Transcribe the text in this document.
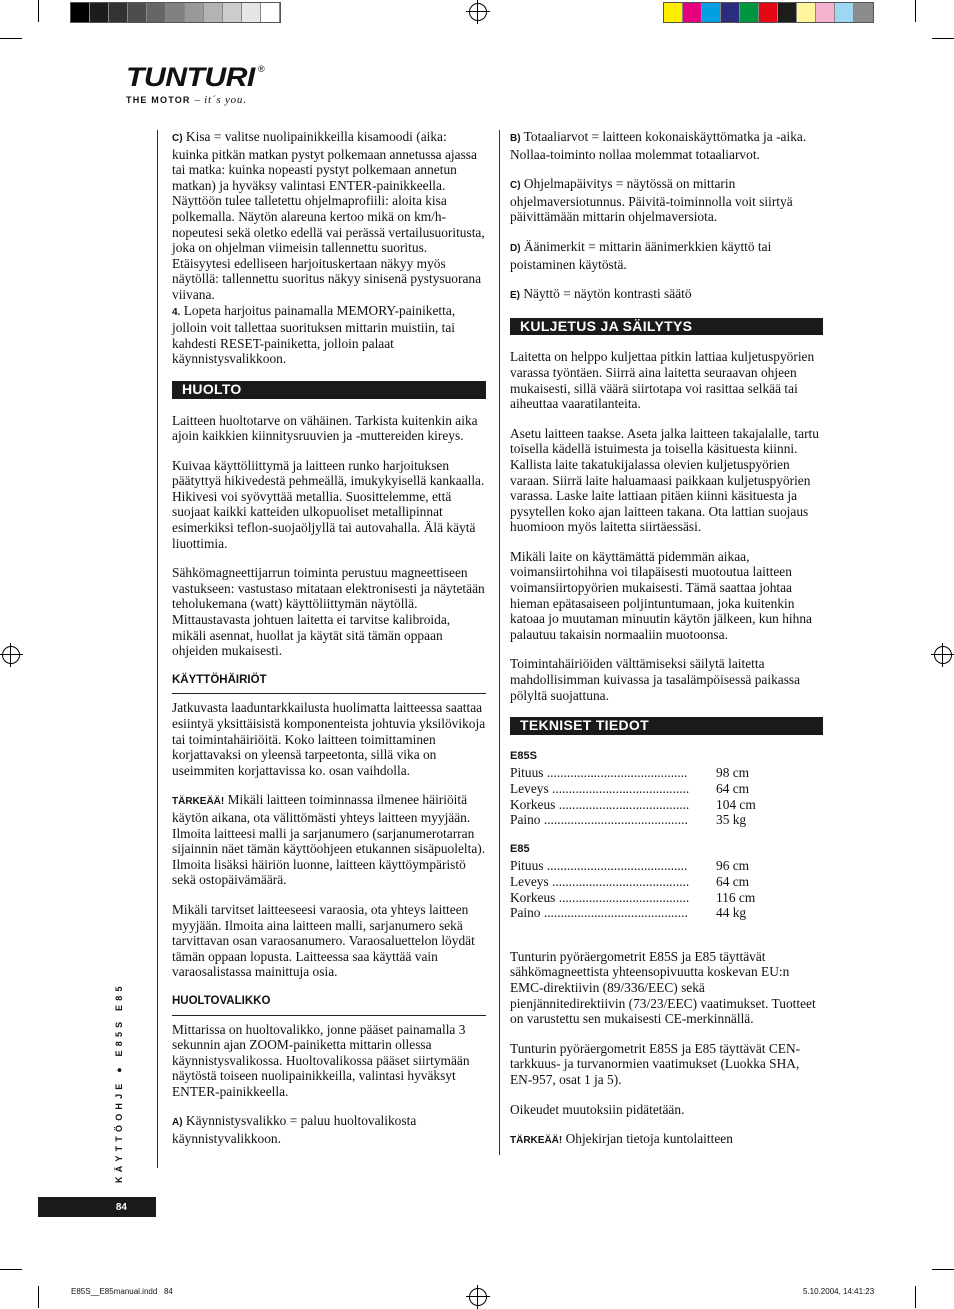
TUNTURI ®
THE MOTOR – it´s you.

C) Kisa = valitse nuolipainikkeilla kisamoodi (aika: kuinka pitkän matkan pystyt polkemaan annetussa ajassa tai matka: kuinka nopeasti pystyt polkemaan annetun matkan) ja hyväksy valintasi ENTER-painikkeella. Näyttöön tulee talletettu ohjelmaprofiili: aloita kisa polkemalla. Näytön alareuna kertoo mikä on km/h-nopeutesi sekä oletko edellä vai perässä vertailusuoritusta, joka on ohjelman viimeisin tallennettu suoritus. Etäisyytesi edelliseen harjoituskertaan näkyy myös näytöllä: tallennettu suoritus näkyy sinisenä pystysuorana viivana.

4. Lopeta harjoitus painamalla MEMORY-painiketta, jolloin voit tallettaa suorituksen mittarin muistiin, tai kahdesti RESET-painiketta, jolloin palaat käynnistysvalikkoon.

HUOLTO

Laitteen huoltotarve on vähäinen. Tarkista kuitenkin aika ajoin kaikkien kiinnitysruuvien ja -muttereiden kireys.

Kuivaa käyttöliittymä ja laitteen runko harjoituksen päätyttyä hikivedestä pehmeällä, imukykyisellä kankaalla. Hikivesi voi syövyttää metallia. Suosittelemme, että suojaat kaikki katteiden ulkopuoliset metallipinnat esimerkiksi teflon-suojaöljyllä tai autovahalla. Älä käytä liuottimia.

Sähkömagneettijarrun toiminta perustuu magneettiseen vastukseen: vastustaso mitataan elektronisesti ja näytetään teholukemana (watt) käyttöliittymän näytöllä. Mittaustavasta johtuen laitetta ei tarvitse kalibroida, mikäli asennat, huollat ja käytät sitä tämän oppaan ohjeiden mukaisesti.

KÄYTTÖHÄIRIÖT

Jatkuvasta laaduntarkkailusta huolimatta laitteessa saattaa esiintyä yksittäisistä komponenteista johtuvia yksilövikoja tai toimintahäiriöitä. Koko laitteen toimittaminen korjattavaksi on yleensä tarpeetonta, sillä vika on useimmiten korjattavissa ko. osan vaihdolla.

TÄRKEÄÄ! Mikäli laitteen toiminnassa ilmenee häiriöitä käytön aikana, ota välittömästi yhteys laitteen myyjään. Ilmoita laitteesi malli ja sarjanumero (sarjanumerotarran sijainnin näet tämän käyttöohjeen etukannen sisäpuolelta). Ilmoita lisäksi häiriön luonne, laitteen käyttöympäristö sekä ostopäivämäärä.

Mikäli tarvitset laitteeseesi varaosia, ota yhteys laitteen myyjään. Ilmoita aina laitteen malli, sarjanumero sekä tarvittavan osan varaosanumero. Varaosaluettelon löydät tämän oppaan lopusta. Laitteessa saa käyttää vain varaosalistassa mainittuja osia.

HUOLTOVALIKKO

Mittarissa on huoltovalikko, jonne pääset painamalla 3 sekunnin ajan ZOOM-painiketta mittarin ollessa käynnistysvalikossa. Huoltovalikossa pääset siirtymään näytöstä toiseen nuolipainikkeilla, valintasi hyväksyt ENTER-painikkeella.

A) Käynnistysvalikko = paluu huoltovalikosta käynnistyvalikkoon.

B) Totaaliarvot = laitteen kokonaiskäyttömatka ja -aika. Nollaa-toiminto nollaa molemmat totaaliarvot.

C) Ohjelmapäivitys = näytössä on mittarin ohjelmaversiotunnus. Päivitä-toiminnolla voit siirtyä päivittämään mittarin ohjelmaversiota.

D) Äänimerkit = mittarin äänimerkkien käyttö tai poistaminen käytöstä.

E) Näyttö = näytön kontrasti säätö

KULJETUS JA SÄILYTYS

Laitetta on helppo kuljettaa pitkin lattiaa kuljetuspyörien varassa työntäen. Siirrä aina laitetta seuraavan ohjeen mukaisesti, sillä väärä siirtotapa voi rasittaa selkää tai aiheuttaa vaaratilanteita.

Asetu laitteen taakse. Aseta jalka laitteen takajalalle, tartu toisella kädellä istuimesta ja toisella käsituesta kiinni. Kallista laite takatukijalassa olevien kuljetuspyörien varaan. Siirrä laite haluamaasi paikkaan kuljetuspyörien varassa. Laske laite lattiaan pitäen kiinni käsituesta ja pysytellen koko ajan laitteen takana. Ota lattian suojaus huomioon myös laitetta siirtäessäsi.

Mikäli laite on käyttämättä pidemmän aikaa, voimansiirtohihna voi tilapäisesti muotoutua laitteen voimansiirtopyörien mukaisesti. Tämä saattaa johtaa hieman epätasaiseen poljintuntumaan, joka kuitenkin katoaa jo muutaman minuutin käytön jälkeen, kun hihna palautuu takaisin normaaliin muotoonsa.

Toimintahäiriöiden välttämiseksi säilytä laitetta mahdollisimman kuivassa ja tasalämpöisessä paikassa pölyltä suojattuna.

TEKNISET TIEDOT
E85S
Pituus ..........................................	98 cm
Leveys .........................................	64 cm
Korkeus .......................................	104 cm
Paino ...........................................	35 kg
E85
Pituus ..........................................	96 cm
Leveys .........................................	64 cm
Korkeus .......................................	116 cm
Paino ...........................................	44 kg

Tunturin pyöräergometrit E85S ja E85 täyttävät sähkömagneettista yhteensopivuutta koskevan EU:n EMC-direktiivin (89/336/EEC) sekä pienjännitedirektiivin (73/23/EEC) vaatimukset. Tuotteet on varustettu sen mukaisesti CE-merkinnällä.

Tunturin pyöräergometrit E85S ja E85 täyttävät CEN-tarkkuus- ja turvanormien vaatimukset (Luokka SHA, EN-957, osat 1 ja 5).

Oikeudet muutoksiin pidätetään.

TÄRKEÄÄ! Ohjekirjan tietoja kuntolaitteen

KÄYTTÖOHJE ● E85S E85
84
E85S__E85manual.indd   84	5.10.2004, 14:41:23
